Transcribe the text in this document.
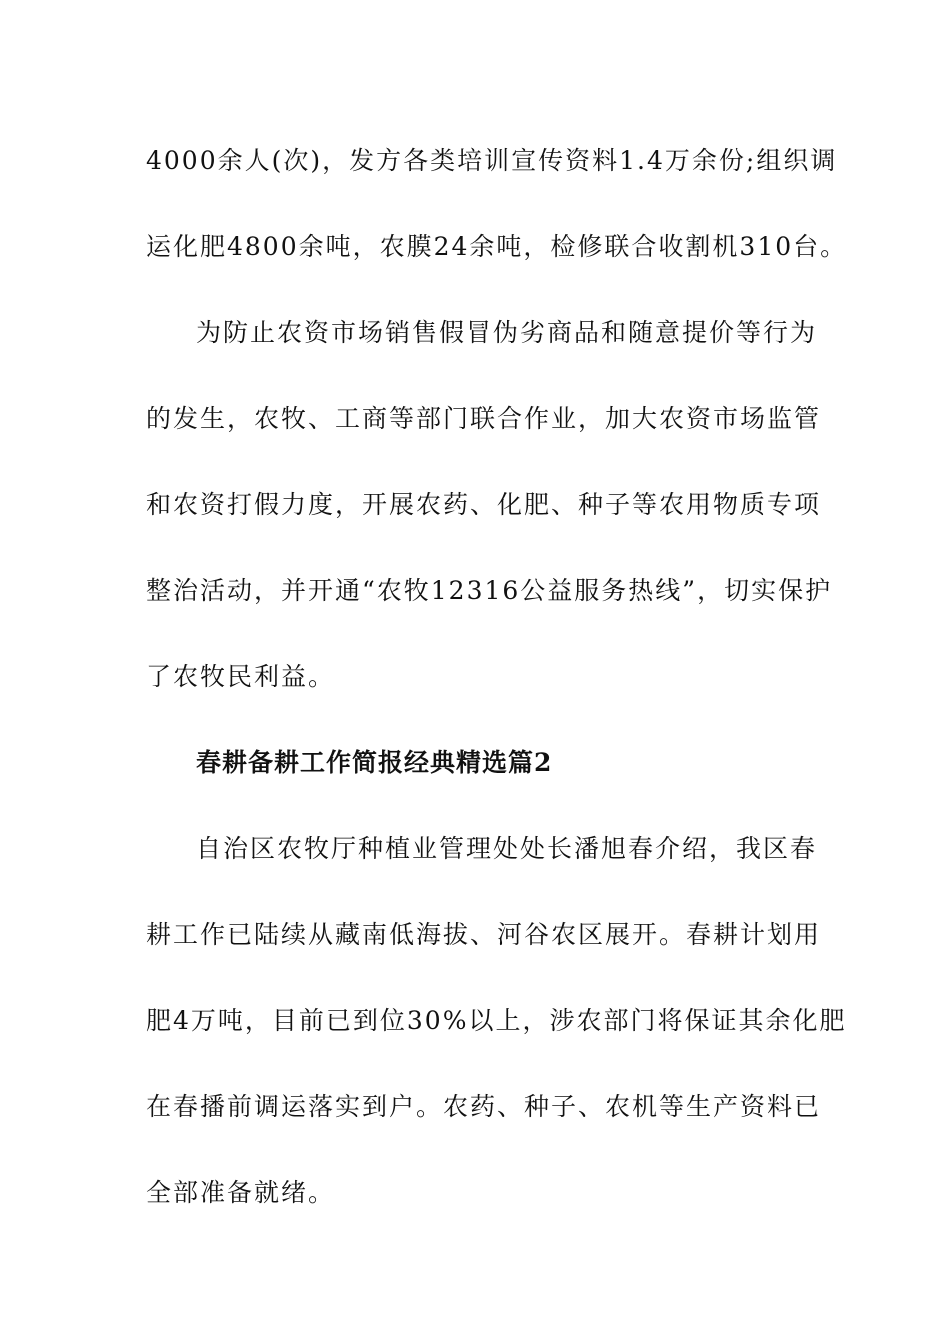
4000余人(次)，发方各类培训宣传资料1.4万余份;组织调
运化肥4800余吨，农膜24余吨，检修联合收割机310台。
为防止农资市场销售假冒伪劣商品和随意提价等行为
的发生，农牧、工商等部门联合作业，加大农资市场监管
和农资打假力度，开展农药、化肥、种子等农用物质专项
整治活动，并开通“农牧12316公益服务热线”，切实保护
了农牧民利益。
春耕备耕工作简报经典精选篇2
自治区农牧厅种植业管理处处长潘旭春介绍，我区春
耕工作已陆续从藏南低海拔、河谷农区展开。春耕计划用
肥4万吨，目前已到位30%以上，涉农部门将保证其余化肥
在春播前调运落实到户。农药、种子、农机等生产资料已
全部准备就绪。
